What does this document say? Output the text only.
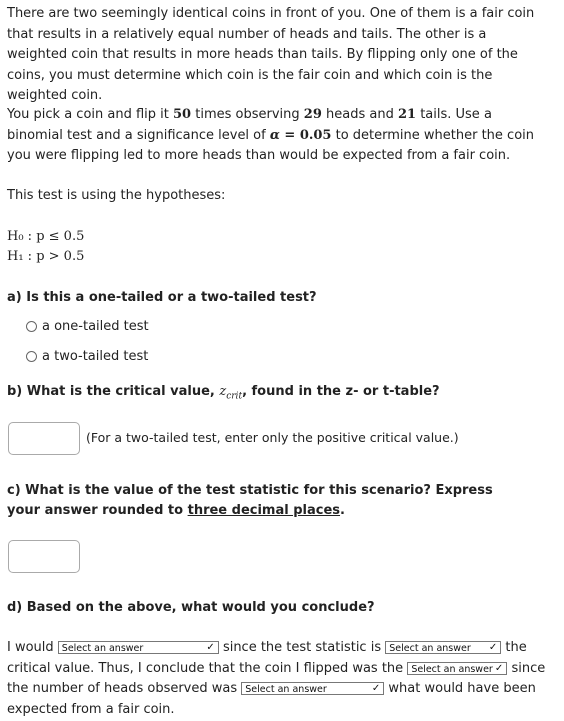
There are two seemingly identical coins in front of you. One of them is a fair coin that results in a relatively equal number of heads and tails. The other is a weighted coin that results in more heads than tails. By flipping only one of the coins, you must determine which coin is the fair coin and which coin is the weighted coin.
You pick a coin and flip it 50 times observing 29 heads and 21 tails. Use a binomial test and a significance level of α = 0.05 to determine whether the coin you were flipping led to more heads than would be expected from a fair coin.
This test is using the hypotheses:
H₀ : p ≤ 0.5
H₁ : p > 0.5
a) Is this a one-tailed or a two-tailed test?
a one-tailed test
a two-tailed test
b) What is the critical value, $z_{crit}$, found in the z- or t-table?
(For a two-tailed test, enter only the positive critical value.)
c) What is the value of the test statistic for this scenario? Express your answer rounded to three decimal places.
d) Based on the above, what would you conclude?
I would Select an answer	✓ since the test statistic is Select an answer ✓ the critical value. Thus, I conclude that the coin I flipped was the Select an answer ✓ since the number of heads observed was Select an answer	✓ what would have been expected from a fair coin.
